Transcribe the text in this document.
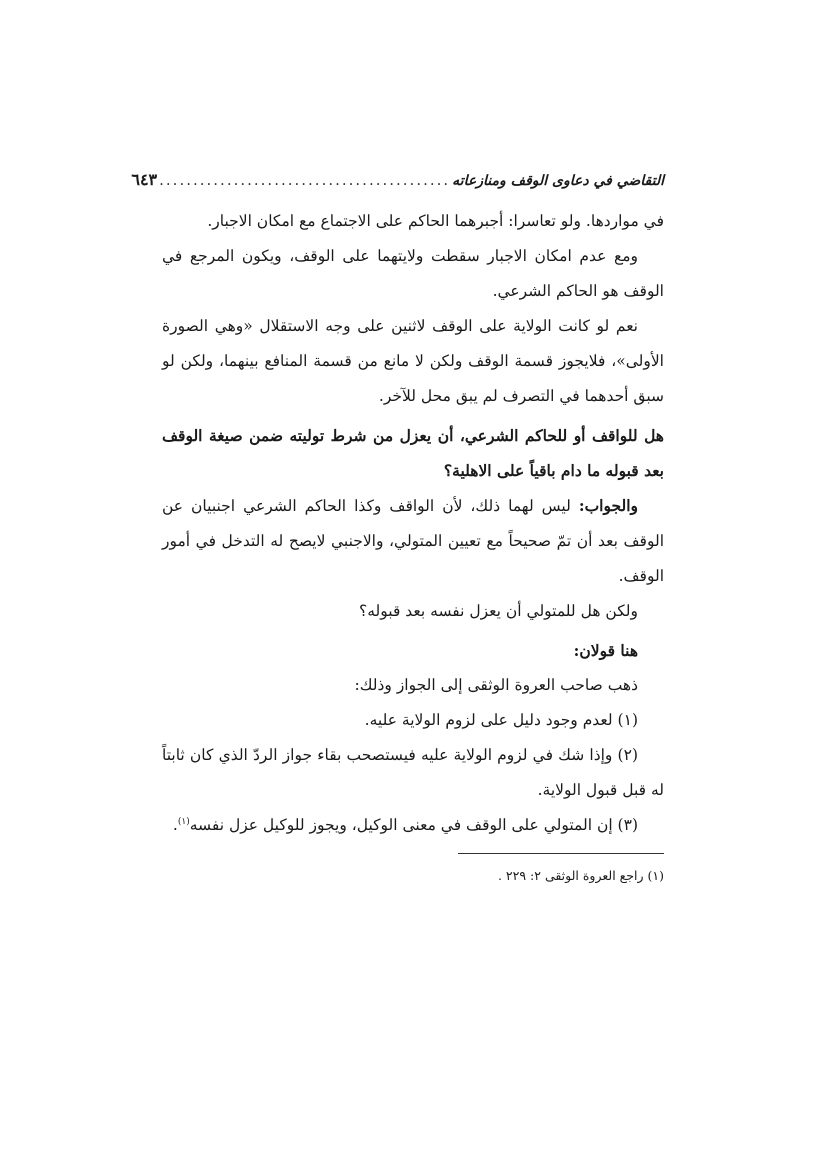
التقاضي في دعاوى الوقف ومنازعاته
...........................................
٦٤٣

في مواردها. ولو تعاسرا: أجبرهما الحاكم على الاجتماع مع امكان الاجبار.

ومع عدم امكان الاجبار سقطت ولايتهما على الوقف، ويكون المرجع في الوقف هو الحاكم الشرعي.

نعم لو كانت الولاية على الوقف لاثنين على وجه الاستقلال «وهي الصورة الأولى»، فلايجوز قسمة الوقف ولكن لا مانع من قسمة المنافع بينهما، ولكن لو سبق أحدهما في التصرف لم يبق محل للآخر.

هل للواقف أو للحاكم الشرعي، أن يعزل من شرط توليته ضمن صيغة الوقف بعد قبوله ما دام باقياً على الاهلية؟

والجواب: ليس لهما ذلك، لأن الواقف وكذا الحاكم الشرعي اجنبيان عن الوقف بعد أن تمّ صحيحاً مع تعيين المتولي، والاجنبي لايصح له التدخل في أمور الوقف.

ولكن هل للمتولي أن يعزل نفسه بعد قبوله؟

هنا قولان:

ذهب صاحب العروة الوثقى إلى الجواز وذلك:

(١) لعدم وجود دليل على لزوم الولاية عليه.

(٢) وإذا شك في لزوم الولاية عليه فيستصحب بقاء جواز الردّ الذي كان ثابتاً له قبل قبول الولاية.

(٣) إن المتولي على الوقف في معنى الوكيل، ويجوز للوكيل عزل نفسه$^{(١)}$.

(١) راجع العروة الوثقى ٢: ٢٢٩ .
